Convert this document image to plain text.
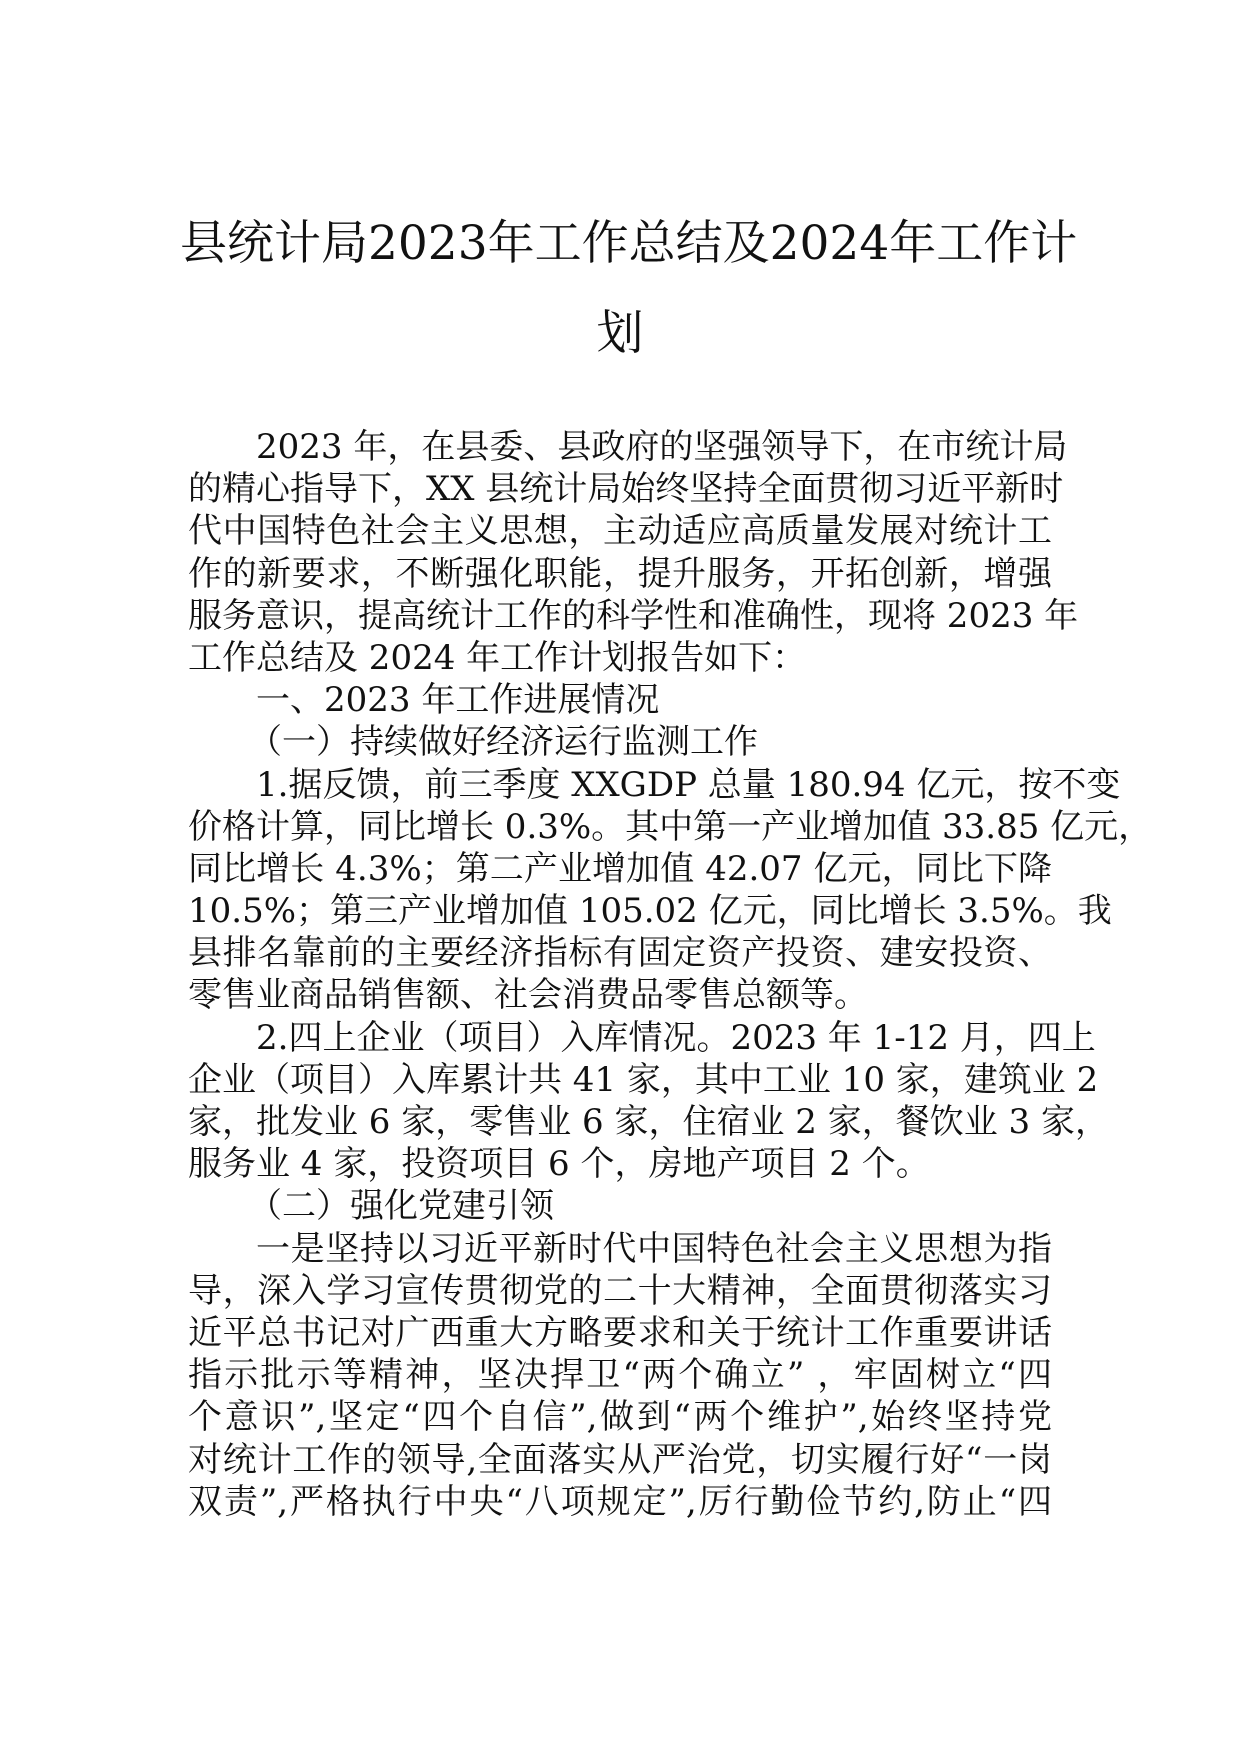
县统计局2023年工作总结及2024年工作计
划
2023 年，在县委、县政府的坚强领导下，在市统计局
的精心指导下，XX 县统计局始终坚持全面贯彻习近平新时
代中国特色社会主义思想，主动适应高质量发展对统计工
作的新要求，不断强化职能，提升服务，开拓创新，增强
服务意识，提高统计工作的科学性和准确性，现将 2023 年
工作总结及 2024 年工作计划报告如下：
一、2023 年工作进展情况
（一）持续做好经济运行监测工作
1.据反馈，前三季度 XXGDP 总量 180.94 亿元，按不变
价格计算，同比增长 0.3%。其中第一产业增加值 33.85 亿元，
同比增长 4.3%；第二产业增加值 42.07 亿元，同比下降
10.5%；第三产业增加值 105.02 亿元，同比增长 3.5%。我
县排名靠前的主要经济指标有固定资产投资、建安投资、
零售业商品销售额、社会消费品零售总额等。
2.四上企业（项目）入库情况。2023 年 1-12 月，四上
企业（项目）入库累计共 41 家，其中工业 10 家，建筑业 2
家，批发业 6 家，零售业 6 家，住宿业 2 家，餐饮业 3 家，
服务业 4 家，投资项目 6 个，房地产项目 2 个。
（二）强化党建引领
一是坚持以习近平新时代中国特色社会主义思想为指
导，深入学习宣传贯彻党的二十大精神，全面贯彻落实习
近平总书记对广西重大方略要求和关于统计工作重要讲话
指示批示等精神，坚决捍卫“两个确立” ，牢固树立“四
个意识”,坚定“四个自信”,做到“两个维护”,始终坚持党
对统计工作的领导,全面落实从严治党，切实履行好“一岗
双责”,严格执行中央“八项规定”,厉行勤俭节约,防止“四
